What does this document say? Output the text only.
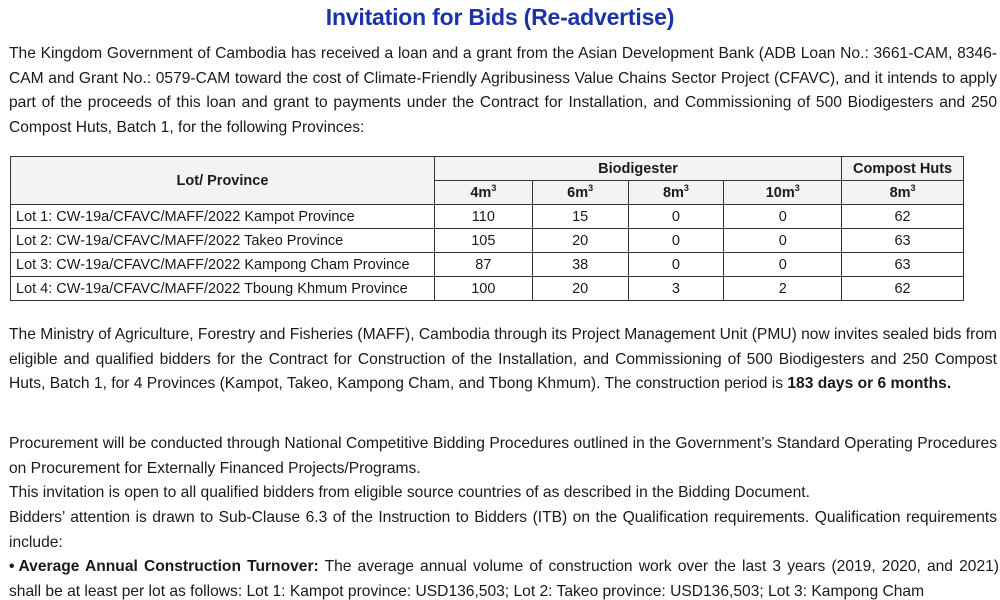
Invitation for Bids (Re-advertise)
The Kingdom Government of Cambodia has received a loan and a grant from the Asian Development Bank (ADB Loan No.: 3661-CAM, 8346-CAM and Grant No.: 0579-CAM toward the cost of Climate-Friendly Agribusiness Value Chains Sector Project (CFAVC), and it intends to apply part of the proceeds of this loan and grant to payments under the Contract for Installation, and Commissioning of 500 Biodigesters and 250 Compost Huts, Batch 1, for the following Provinces:
Lot/ Province	Biodigester				Compost Huts
	$4m^3$	$6m^3$	$8m^3$	$10m^3$	$8m^3$
Lot 1: CW-19a/CFAVC/MAFF/2022 Kampot Province	110	15	0	0	62
Lot 2: CW-19a/CFAVC/MAFF/2022 Takeo Province	105	20	0	0	63
Lot 3: CW-19a/CFAVC/MAFF/2022 Kampong Cham Province	87	38	0	0	63
Lot 4: CW-19a/CFAVC/MAFF/2022 Tboung Khmum Province	100	20	3	2	62
The Ministry of Agriculture, Forestry and Fisheries (MAFF), Cambodia through its Project Management Unit (PMU) now invites sealed bids from eligible and qualified bidders for the Contract for Construction of the Installation, and Commissioning of 500 Biodigesters and 250 Compost Huts, Batch 1, for 4 Provinces (Kampot, Takeo, Kampong Cham, and Tbong Khmum). The construction period is 183 days or 6 months.
Procurement will be conducted through National Competitive Bidding Procedures outlined in the Government’s Standard Operating Procedures on Procurement for Externally Financed Projects/Programs.
This invitation is open to all qualified bidders from eligible source countries of as described in the Bidding Document.
Bidders’ attention is drawn to Sub-Clause 6.3 of the Instruction to Bidders (ITB) on the Qualification requirements. Qualification requirements include:
• Average Annual Construction Turnover: The average annual volume of construction work over the last 3 years (2019, 2020, and 2021) shall be at least per lot as follows: Lot 1: Kampot province: USD136,503; Lot 2: Takeo province: USD136,503; Lot 3: Kampong Cham
